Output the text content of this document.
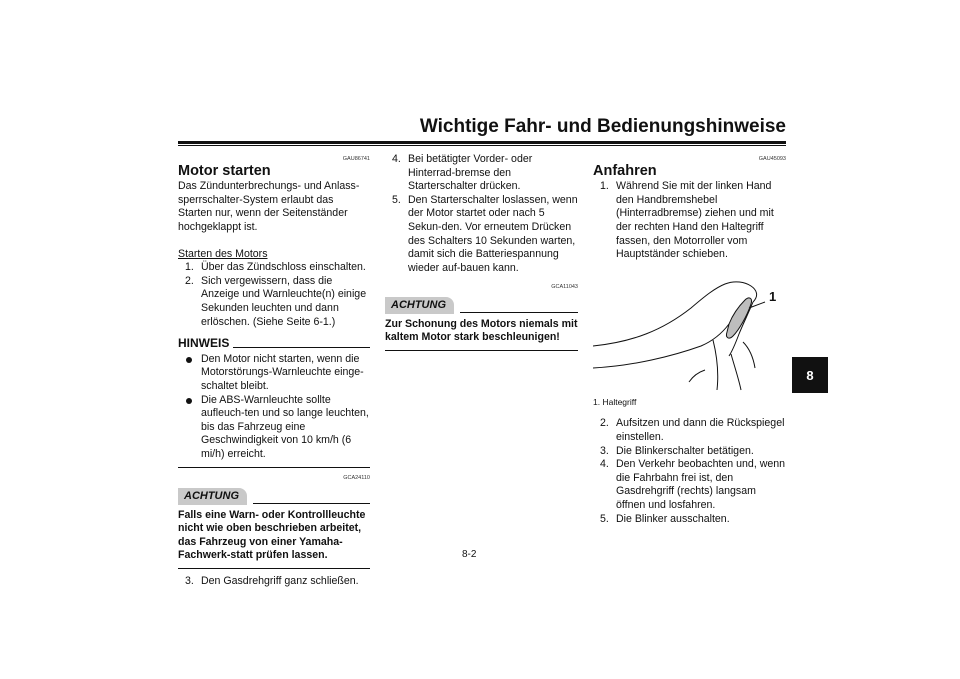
Wichtige Fahr- und Bedienungshinweise
GAU86741
Motor starten

Das Zündunterbrechungs- und Anlass-sperrschalter-System erlaubt das Starten nur, wenn der Seitenständer hochgeklappt ist.

Starten des Motors
1. Über das Zündschloss einschalten.
2. Sich vergewissern, dass die Anzeige und Warnleuchte(n) einige Sekunden leuchten und dann erlöschen. (Siehe Seite 6-1.)
HINWEIS
Den Motor nicht starten, wenn die Motorstörungs-Warnleuchte einge-schaltet bleibt.
Die ABS-Warnleuchte sollte auflеuch-ten und so lange leuchten, bis das Fahrzeug eine Geschwindigkeit von 10 km/h (6 mi/h) erreicht.
GCA24110
ACHTUNG
Falls eine Warn- oder Kontrollleuchte nicht wie oben beschrieben arbeitet, das Fahrzeug von einer Yamaha-Fachwerk-statt prüfen lassen.
3. Den Gasdrehgriff ganz schließen.
4. Bei betätigter Vorder- oder Hinterrad-bremse den Starterschalter drücken.
5. Den Starterschalter loslassen, wenn der Motor startet oder nach 5 Sekun-den. Vor erneutem Drücken des Schalters 10 Sekunden warten, damit sich die Batteriespannung wieder auf-bauen kann.
GCA11043
ACHTUNG
Zur Schonung des Motors niemals mit kaltem Motor stark beschleunigen!
GAU45093
Anfahren
1. Während Sie mit der linken Hand den Handbremshebel (Hinterradbremse) ziehen und mit der rechten Hand den Haltegriff fassen, den Motorroller vom Hauptständer schieben.
1
1. Haltegriff
2. Aufsitzen und dann die Rückspiegel einstellen.
3. Die Blinkerschalter betätigen.
4. Den Verkehr beobachten und, wenn die Fahrbahn frei ist, den Gasdrehgriff (rechts) langsam öffnen und losfahren.
5. Die Blinker ausschalten.
8
8-2
